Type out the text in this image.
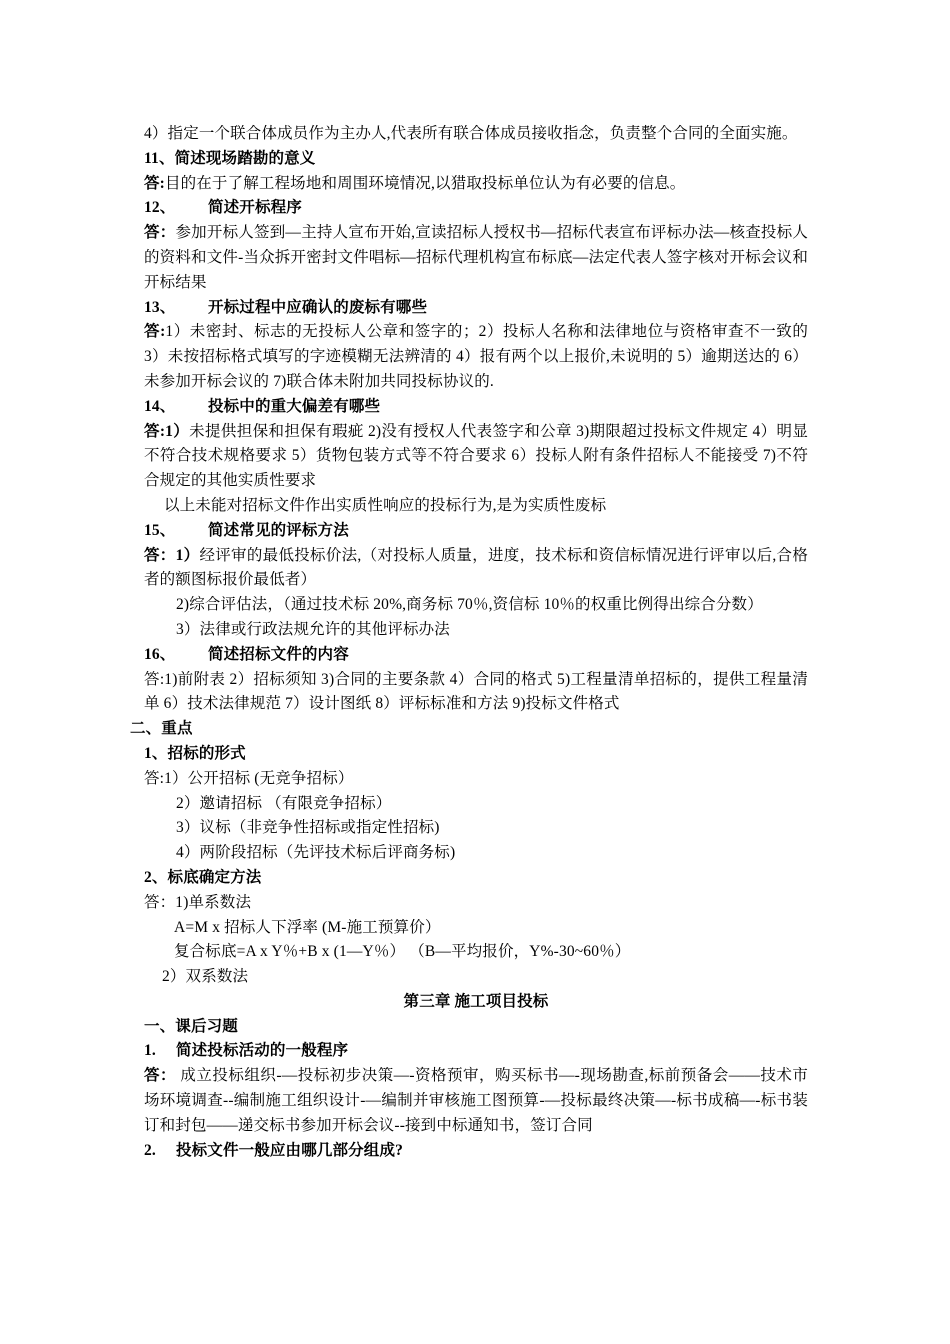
4）指定一个联合体成员作为主办人,代表所有联合体成员接收指念，负责整个合同的全面实施。
11、简述现场踏勘的意义
答:目的在于了解工程场地和周围环境情况,以猎取投标单位认为有必要的信息。
12、 简述开标程序
答：参加开标人签到—主持人宣布开始,宣读招标人授权书—招标代表宣布评标办法—核查投标人的资料和文件-当众拆开密封文件唱标—招标代理机构宣布标底—法定代表人签字核对开标会议和开标结果
13、 开标过程中应确认的废标有哪些
答:1）未密封、标志的无投标人公章和签字的；2）投标人名称和法律地位与资格审查不一致的 3）未按招标格式填写的字迹模糊无法辨清的 4）报有两个以上报价,未说明的 5）逾期送达的 6）未参加开标会议的 7)联合体未附加共同投标协议的.
14、 投标中的重大偏差有哪些
答:1）未提供担保和担保有瑕疵 2)没有授权人代表签字和公章 3)期限超过投标文件规定 4）明显不符合技术规格要求 5）货物包装方式等不符合要求 6）投标人附有条件招标人不能接受 7)不符合规定的其他实质性要求
以上未能对招标文件作出实质性响应的投标行为,是为实质性废标
15、 简述常见的评标方法
答：1）经评审的最低投标价法,（对投标人质量，进度，技术标和资信标情况进行评审以后,合格者的额图标报价最低者）
2)综合评估法，（通过技术标 20%,商务标 70％,资信标 10％的权重比例得出综合分数）
3）法律或行政法规允许的其他评标办法
16、 简述招标文件的内容
答:1)前附表 2）招标须知 3)合同的主要条款 4）合同的格式 5)工程量清单招标的，提供工程量清单 6）技术法律规范 7）设计图纸 8）评标标准和方法 9)投标文件格式
二、重点
1、招标的形式
答:1）公开招标 (无竞争招标）
2）邀请招标 （有限竞争招标）
3）议标（非竞争性招标或指定性招标)
4）两阶段招标（先评技术标后评商务标)
2、标底确定方法
答：1)单系数法
A=M x 招标人下浮率 (M-施工预算价）
复合标底=A x Y％+B x (1—Y％） （B—平均报价，Y%-30~60％）
2）双系数法
第三章 施工项目投标
一、课后习题
1. 简述投标活动的一般程序
答： 成立投标组织-—投标初步决策—-资格预审，购买标书—-现场勘查,标前预备会——技术市场环境调查--编制施工组织设计-—编制并审核施工图预算-—投标最终决策—-标书成稿—-标书装订和封包——递交标书参加开标会议--接到中标通知书，签订合同
2. 投标文件一般应由哪几部分组成?
